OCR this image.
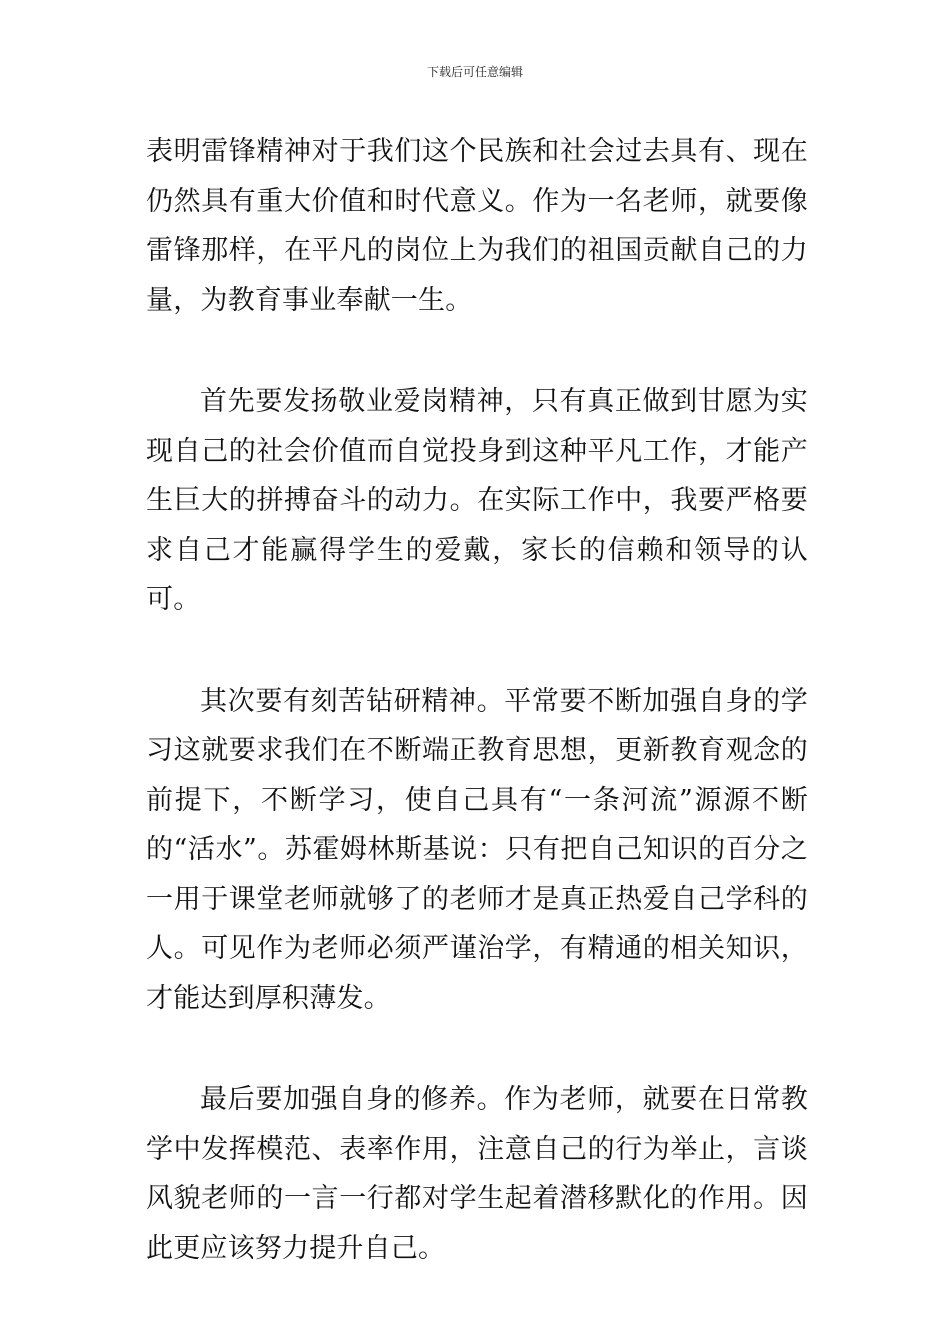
下载后可任意编辑

表明雷锋精神对于我们这个民族和社会过去具有、现在仍然具有重大价值和时代意义。作为一名老师，就要像雷锋那样，在平凡的岗位上为我们的祖国贡献自己的力量，为教育事业奉献一生。

首先要发扬敬业爱岗精神，只有真正做到甘愿为实现自己的社会价值而自觉投身到这种平凡工作，才能产生巨大的拼搏奋斗的动力。在实际工作中，我要严格要求自己才能赢得学生的爱戴，家长的信赖和领导的认可。

其次要有刻苦钻研精神。平常要不断加强自身的学习这就要求我们在不断端正教育思想，更新教育观念的前提下，不断学习，使自己具有“一条河流”源源不断的“活水”。苏霍姆林斯基说：只有把自己知识的百分之一用于课堂老师就够了的老师才是真正热爱自己学科的人。可见作为老师必须严谨治学，有精通的相关知识，才能达到厚积薄发。

最后要加强自身的修养。作为老师，就要在日常教学中发挥模范、表率作用，注意自己的行为举止，言谈风貌老师的一言一行都对学生起着潜移默化的作用。因此更应该努力提升自己。
